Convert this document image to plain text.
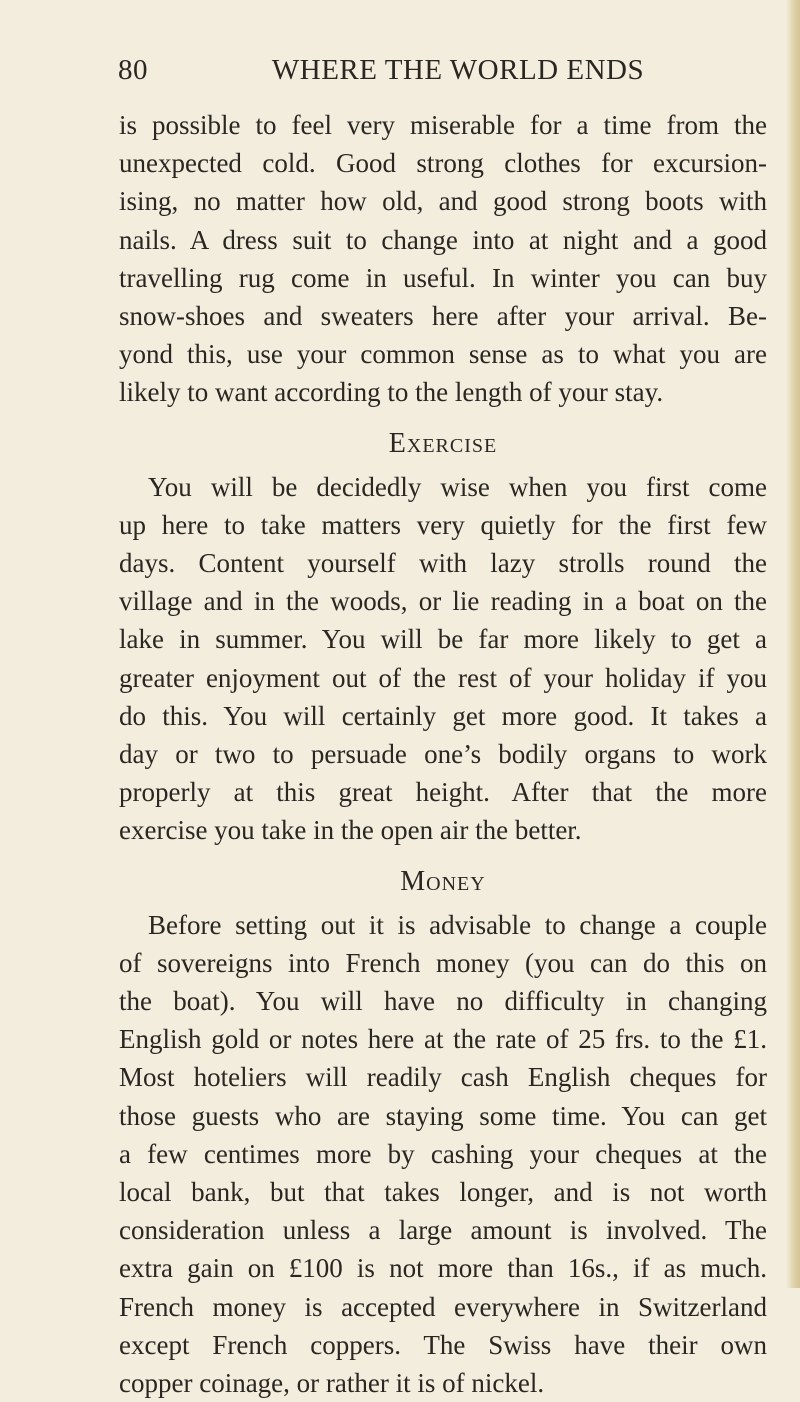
80	WHERE THE WORLD ENDS
is possible to feel very miserable for a time from the
unexpected cold. Good strong clothes for excursion-
ising, no matter how old, and good strong boots with
nails. A dress suit to change into at night and a good
travelling rug come in useful. In winter you can buy
snow-shoes and sweaters here after your arrival. Be-
yond this, use your common sense as to what you are
likely to want according to the length of your stay.
Exercise
You will be decidedly wise when you first come
up here to take matters very quietly for the first few
days. Content yourself with lazy strolls round the
village and in the woods, or lie reading in a boat on the
lake in summer. You will be far more likely to get a
greater enjoyment out of the rest of your holiday if you
do this. You will certainly get more good. It takes a
day or two to persuade one’s bodily organs to work
properly at this great height. After that the more
exercise you take in the open air the better.
Money
Before setting out it is advisable to change a couple
of sovereigns into French money (you can do this on
the boat). You will have no difficulty in changing
English gold or notes here at the rate of 25 frs. to the £1.
Most hoteliers will readily cash English cheques for
those guests who are staying some time. You can get
a few centimes more by cashing your cheques at the
local bank, but that takes longer, and is not worth
consideration unless a large amount is involved. The
extra gain on £100 is not more than 16s., if as much.
French money is accepted everywhere in Switzerland
except French coppers. The Swiss have their own
copper coinage, or rather it is of nickel.
